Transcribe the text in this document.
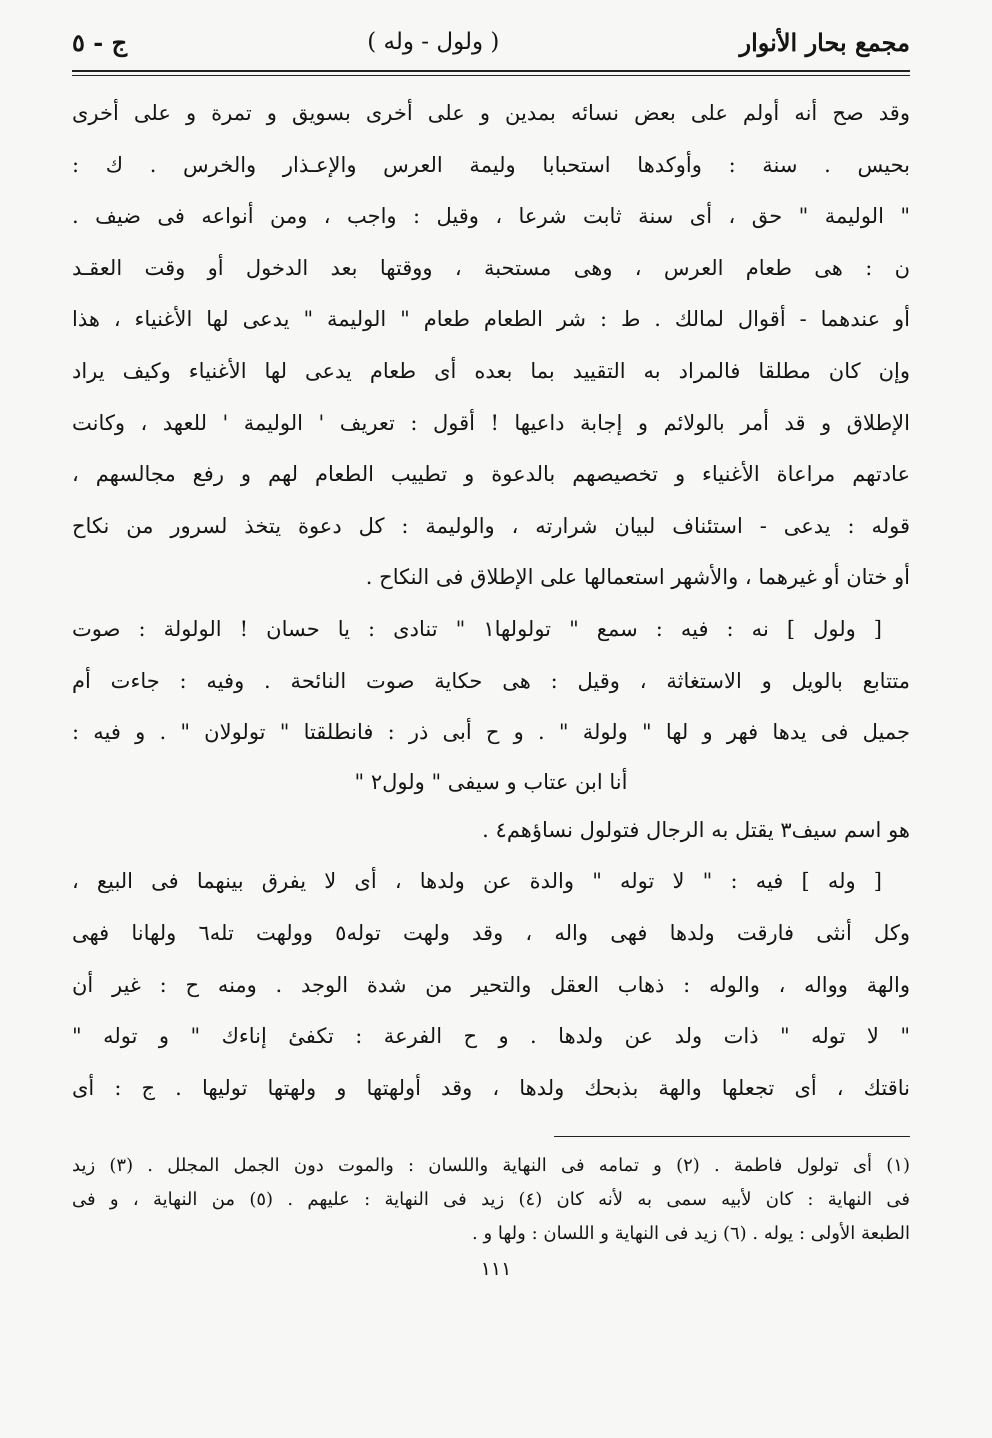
مجمع بحار الأنوار
( ولول - وله )
ج - ٥
وقد صح أنه أولم على بعض نسائه بمدين و على أخرى بسويق و تمرة و على أخرى
بحيس . سنة : وأوكدها استحبابا وليمة العرس والإعـذار والخرس . ك :
" الوليمة " حق ، أى سنة ثابت شرعا ، وقيل : واجب ، ومن أنواعه فى ضيف .
ن : هى طعام العرس ، وهى مستحبة ، ووقتها بعد الدخول أو وقت العقـد
أو عندهما - أقوال لمالك . ط : شر الطعام طعام " الوليمة " يدعى لها الأغنياء ، هذا
وإن كان مطلقا فالمراد به التقييد بما بعده أى طعام يدعى لها الأغنياء وكيف يراد
الإطلاق و قد أمر بالولائم و إجابة داعيها ! أقول : تعريف ' الوليمة ' للعهد ، وكانت
عادتهم مراعاة الأغنياء و تخصيصهم بالدعوة و تطييب الطعام لهم و رفع مجالسهم ،
قوله : يدعى - استئناف لبيان شرارته ، والوليمة : كل دعوة يتخذ لسرور من نكاح
أو ختان أو غيرهما ، والأشهر استعمالها على الإطلاق فى النكاح .
[ ولول ] نه : فيه : سمع " تولولها١ " تنادى : يا حسان ! الولولة : صوت
متتابع بالويل و الاستغاثة ، وقيل : هى حكاية صوت النائحة . وفيه : جاءت أم
جميل فى يدها فهر و لها " ولولة " . و ح أبى ذر : فانطلقتا " تولولان " . و فيه :
أنا ابن عتاب و سيفى " ولول٢ "
هو اسم سيف٣ يقتل به الرجال فتولول نساؤهم٤ .
[ وله ] فيه : " لا توله " والدة عن ولدها ، أى لا يفرق بينهما فى البيع ،
وكل أنثى فارقت ولدها فهى واله ، وقد ولهت توله٥ وولهت تله٦ ولهانا فهى
والهة وواله ، والوله : ذهاب العقل والتحير من شدة الوجد . ومنه ح : غير أن
" لا توله " ذات ولد عن ولدها . و ح الفرعة : تكفئ إناءك " و توله "
ناقتك ، أى تجعلها والهة بذبحك ولدها ، وقد أولهتها و ولهتها توليها . ج : أى
(١) أى تولول فاطمة . (٢) و تمامه فى النهاية واللسان : والموت دون الجمل المجلل . (٣) زيد
فى النهاية : كان لأبيه سمى به لأنه كان (٤) زيد فى النهاية : عليهم . (٥) من النهاية ، و فى
الطبعة الأولى : يوله . (٦) زيد فى النهاية و اللسان : ولها و .
١١١
